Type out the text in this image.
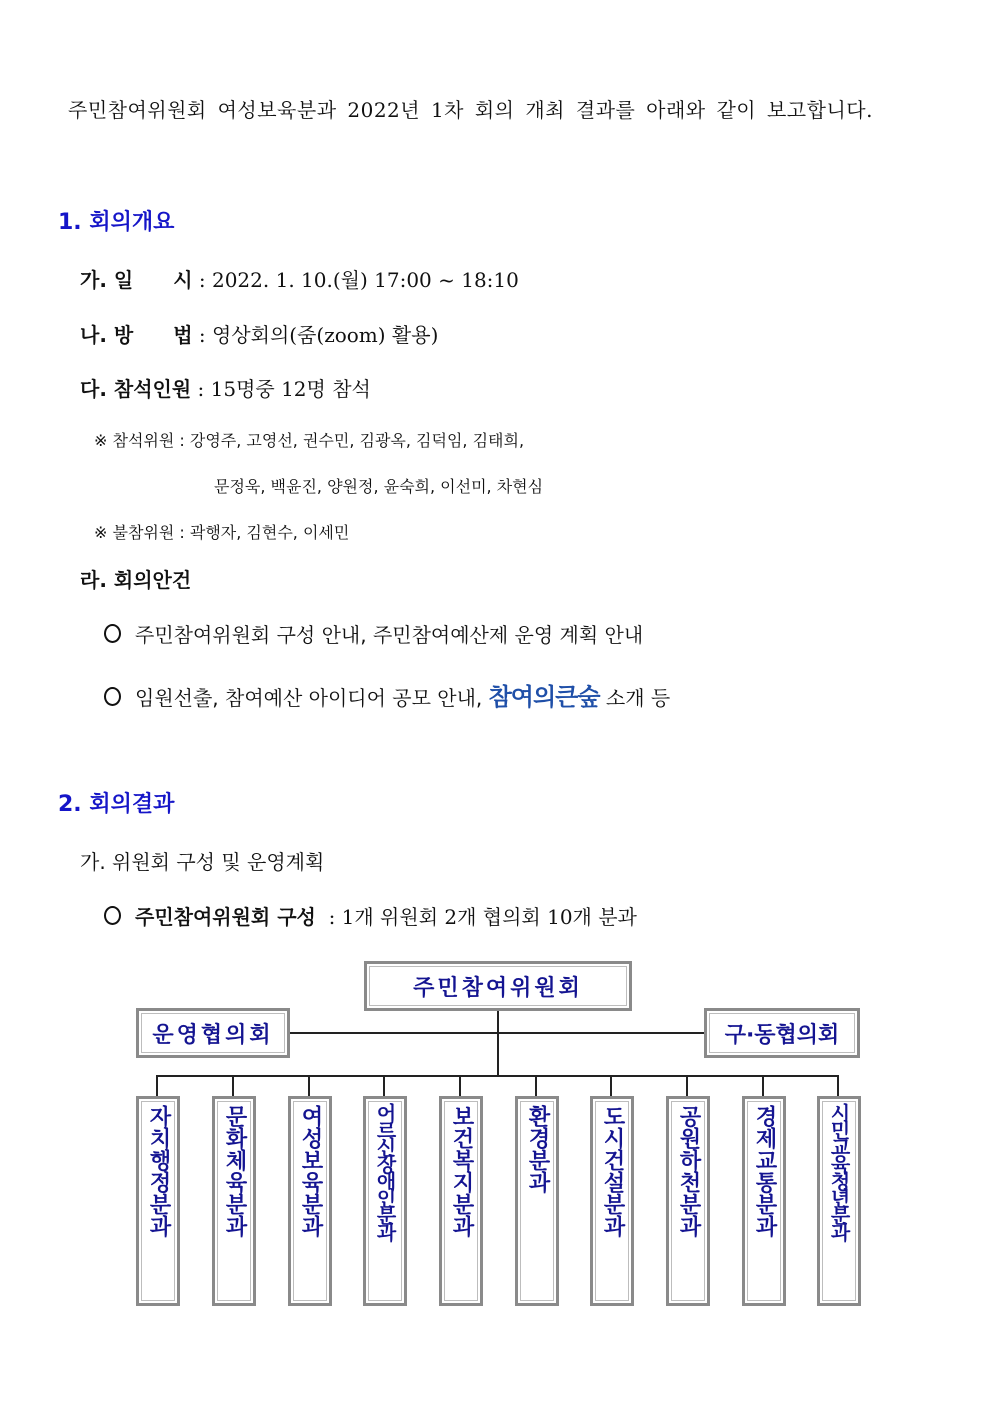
주민참여위원회 여성보육분과 2022년 1차 회의 개최 결과를 아래와 같이 보고합니다.
1. 회의개요
가. 일　　시 : 2022. 1. 10.(월) 17:00 ~ 18:10
나. 방　　법 : 영상회의(줌(zoom) 활용)
다. 참석인원 : 15명중 12명 참석
※ 참석위원 : 강영주, 고영선, 권수민, 김광옥, 김덕임, 김태희,
문정욱, 백윤진, 양원정, 윤숙희, 이선미, 차현심
※ 불참위원 : 곽행자, 김현수, 이세민
라. 회의안건
주민참여위원회 구성 안내, 주민참여예산제 운영 계획 안내
임원선출, 참여예산 아이디어 공모 안내, 참여의큰숲 소개 등
2. 회의결과
가. 위원회 구성 및 운영계획
주민참여위원회 구성 : 1개 위원회 2개 협의회 10개 분과
주민참여위원회
운영협의회	구·동협의회
자치행정분과 문화체육분과 여성보육분과	어르신장애인분과 보건복지분과 환경분과 도시건설분과 공원하천분과 경제교통분과	시민교육청년분과
